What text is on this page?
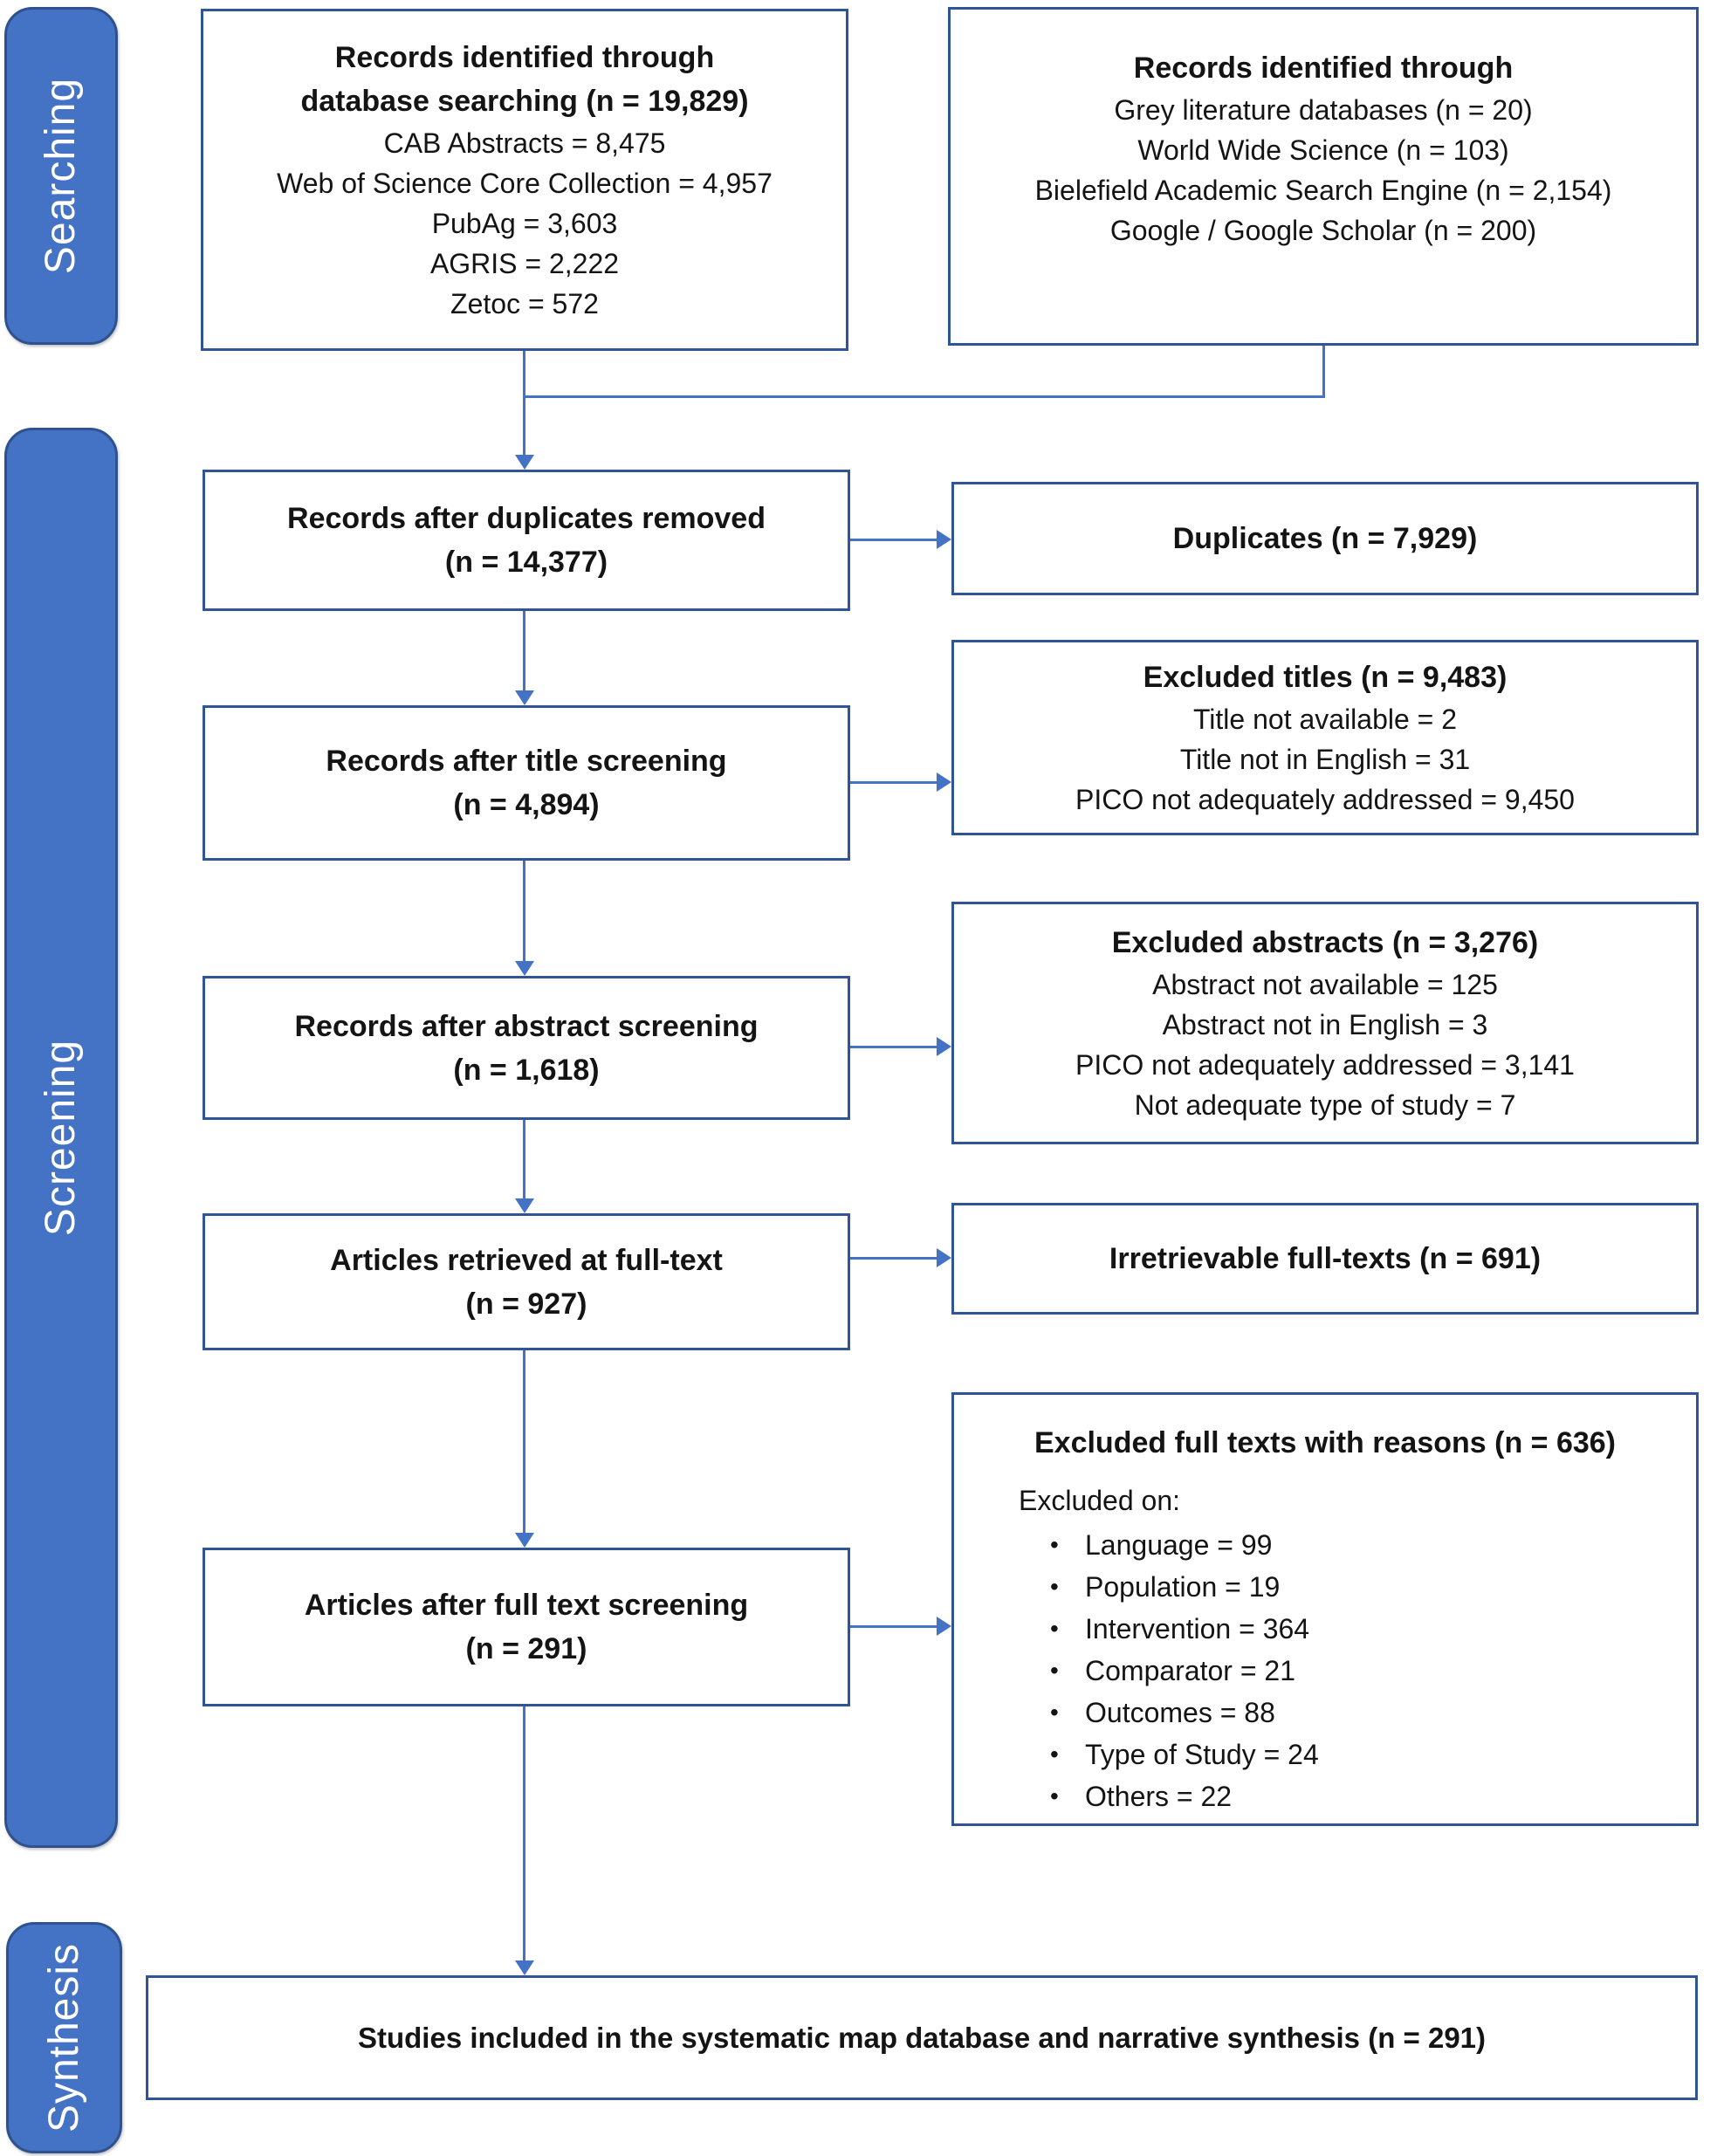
Searching
Screening
Synthesis
Records identified through
database searching (n = 19,829)
CAB Abstracts = 8,475
Web of Science Core Collection = 4,957
PubAg = 3,603
AGRIS = 2,222
Zetoc = 572
Records identified through
Grey literature databases (n = 20)
World Wide Science (n = 103)
Bielefield Academic Search Engine (n = 2,154)
Google / Google Scholar (n = 200)
Records after duplicates removed
(n = 14,377)
Duplicates (n = 7,929)
Records after title screening
(n = 4,894)
Excluded titles (n = 9,483)
Title not available = 2
Title not in English = 31
PICO not adequately addressed = 9,450
Records after abstract screening
(n = 1,618)
Excluded abstracts (n = 3,276)
Abstract not available = 125
Abstract not in English = 3
PICO not adequately addressed = 3,141
Not adequate type of study = 7
Articles retrieved at full-text
(n = 927)
Irretrievable full-texts (n = 691)
Articles after full text screening
(n = 291)
Excluded full texts with reasons (n = 636)
Excluded on:
• Language = 99
• Population = 19
• Intervention = 364
• Comparator = 21
• Outcomes = 88
• Type of Study = 24
• Others = 22
Studies included in the systematic map database and narrative synthesis (n = 291)
